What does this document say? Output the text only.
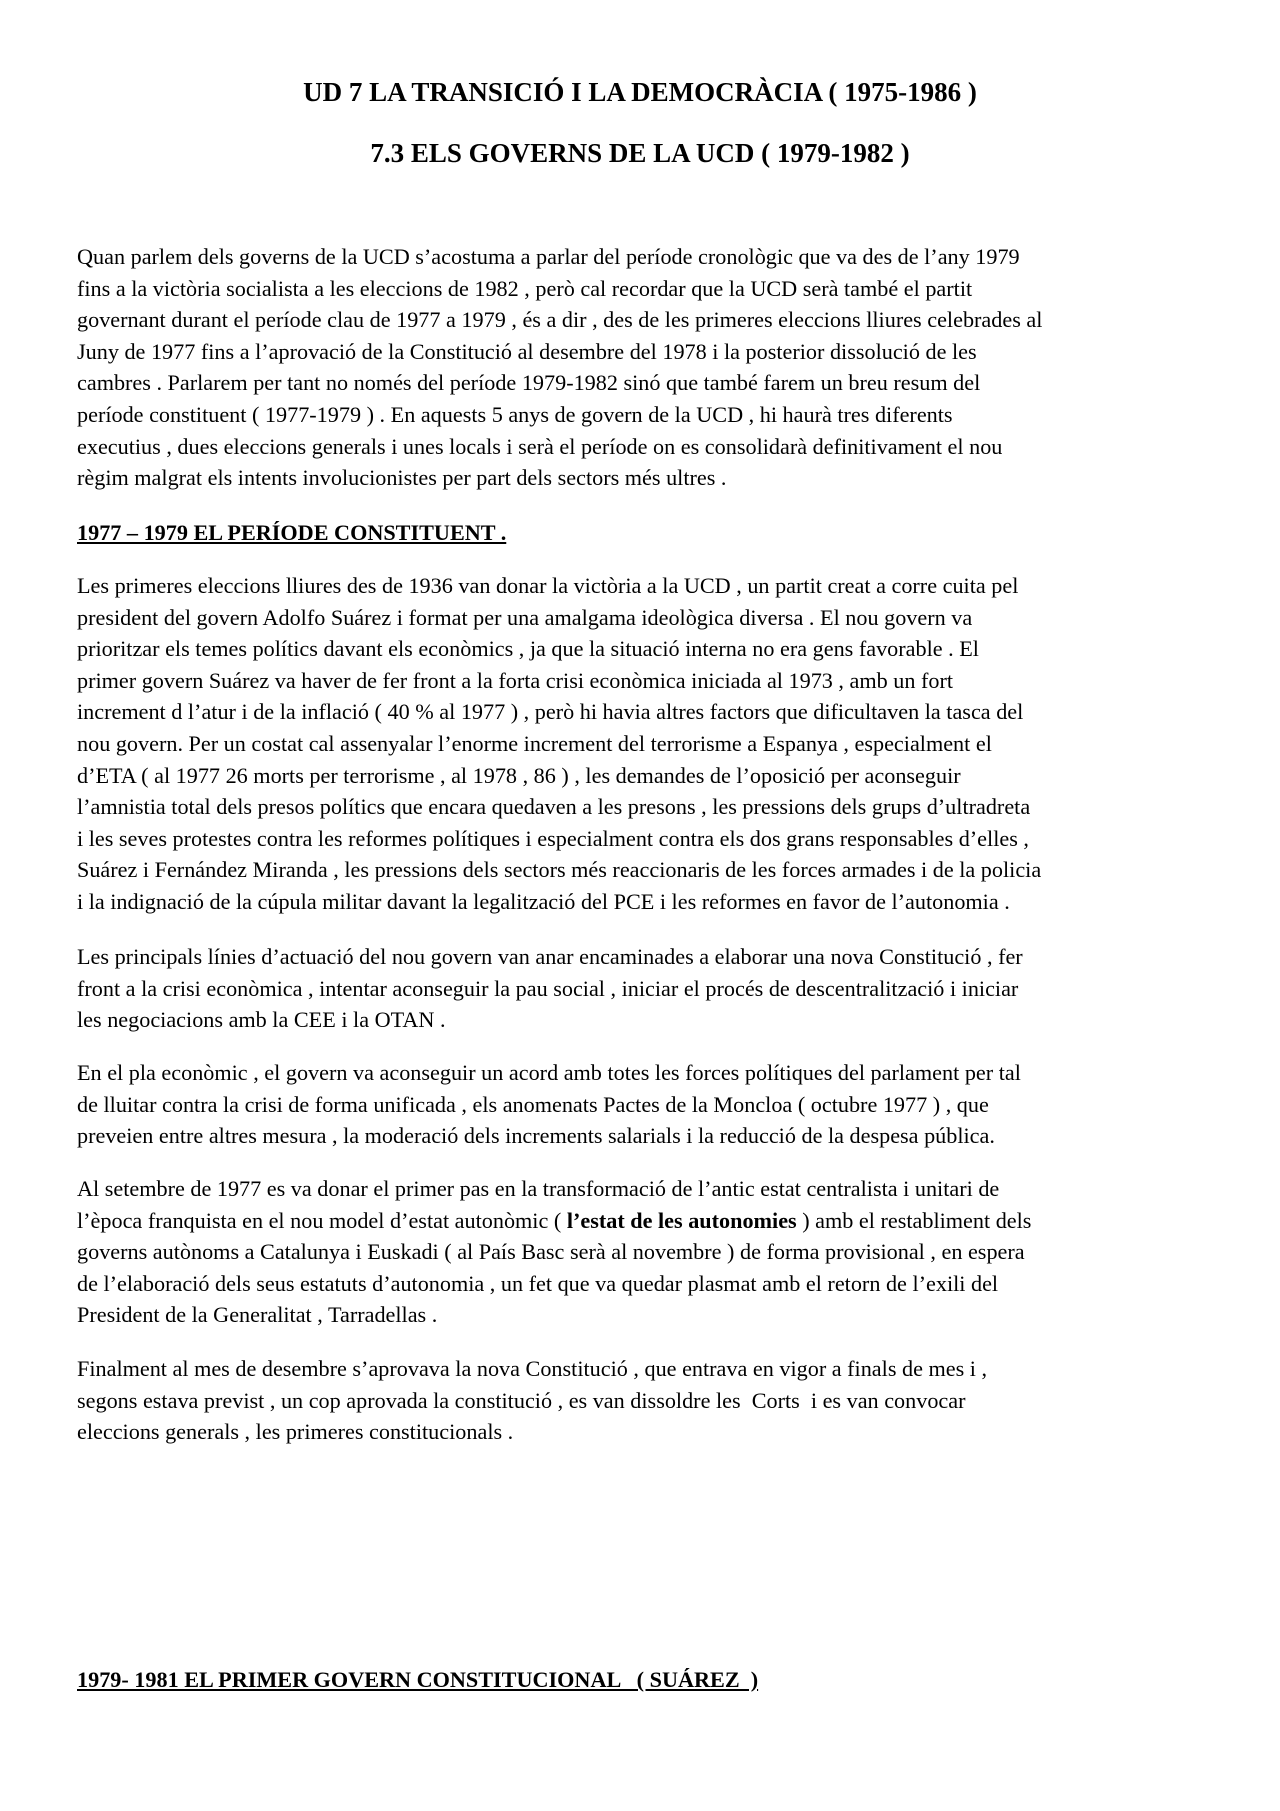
UD 7 LA TRANSICIÓ I LA DEMOCRÀCIA ( 1975-1986 )
7.3 ELS GOVERNS DE LA UCD ( 1979-1982 )

Quan parlem dels governs de la UCD s’acostuma a parlar del període cronològic que va des de l’any 1979
fins a la victòria socialista a les eleccions de 1982 , però cal recordar que la UCD serà també el partit
governant durant el període clau de 1977 a 1979 , és a dir , des de les primeres eleccions lliures celebrades al
Juny de 1977 fins a l’aprovació de la Constitució al desembre del 1978 i la posterior dissolució de les
cambres . Parlarem per tant no només del període 1979-1982 sinó que també farem un breu resum del
període constituent ( 1977-1979 ) . En aquests 5 anys de govern de la UCD , hi haurà tres diferents
executius , dues eleccions generals i unes locals i serà el període on es consolidarà definitivament el nou
règim malgrat els intents involucionistes per part dels sectors més ultres .

1977 – 1979 EL PERÍODE CONSTITUENT .

Les primeres eleccions lliures des de 1936 van donar la victòria a la UCD , un partit creat a corre cuita pel
president del govern Adolfo Suárez i format per una amalgama ideològica diversa . El nou govern va
prioritzar els temes polítics davant els econòmics , ja que la situació interna no era gens favorable . El
primer govern Suárez va haver de fer front a la forta crisi econòmica iniciada al 1973 , amb un fort
increment d l’atur i de la inflació ( 40 % al 1977 ) , però hi havia altres factors que dificultaven la tasca del
nou govern. Per un costat cal assenyalar l’enorme increment del terrorisme a Espanya , especialment el
d’ETA ( al 1977 26 morts per terrorisme , al 1978 , 86 ) , les demandes de l’oposició per aconseguir
l’amnistia total dels presos polítics que encara quedaven a les presons , les pressions dels grups d’ultradreta
i les seves protestes contra les reformes polítiques i especialment contra els dos grans responsables d’elles ,
Suárez i Fernández Miranda , les pressions dels sectors més reaccionaris de les forces armades i de la policia
i la indignació de la cúpula militar davant la legalització del PCE i les reformes en favor de l’autonomia .

Les principals línies d’actuació del nou govern van anar encaminades a elaborar una nova Constitució , fer
front a la crisi econòmica , intentar aconseguir la pau social , iniciar el procés de descentralització i iniciar
les negociacions amb la CEE i la OTAN .

En el pla econòmic , el govern va aconseguir un acord amb totes les forces polítiques del parlament per tal
de lluitar contra la crisi de forma unificada , els anomenats Pactes de la Moncloa ( octubre 1977 ) , que
preveien entre altres mesura , la moderació dels increments salarials i la reducció de la despesa pública.

Al setembre de 1977 es va donar el primer pas en la transformació de l’antic estat centralista i unitari de
l’època franquista en el nou model d’estat autonòmic ( l’estat de les autonomies ) amb el restabliment dels
governs autònoms a Catalunya i Euskadi ( al País Basc serà al novembre ) de forma provisional , en espera
de l’elaboració dels seus estatuts d’autonomia , un fet que va quedar plasmat amb el retorn de l’exili del
President de la Generalitat , Tarradellas .

Finalment al mes de desembre s’aprovava la nova Constitució , que entrava en vigor a finals de mes i ,
segons estava previst , un cop aprovada la constitució , es van dissoldre les  Corts  i es van convocar
eleccions generals , les primeres constitucionals .

1979- 1981 EL PRIMER GOVERN CONSTITUCIONAL   ( SUÁREZ  )
